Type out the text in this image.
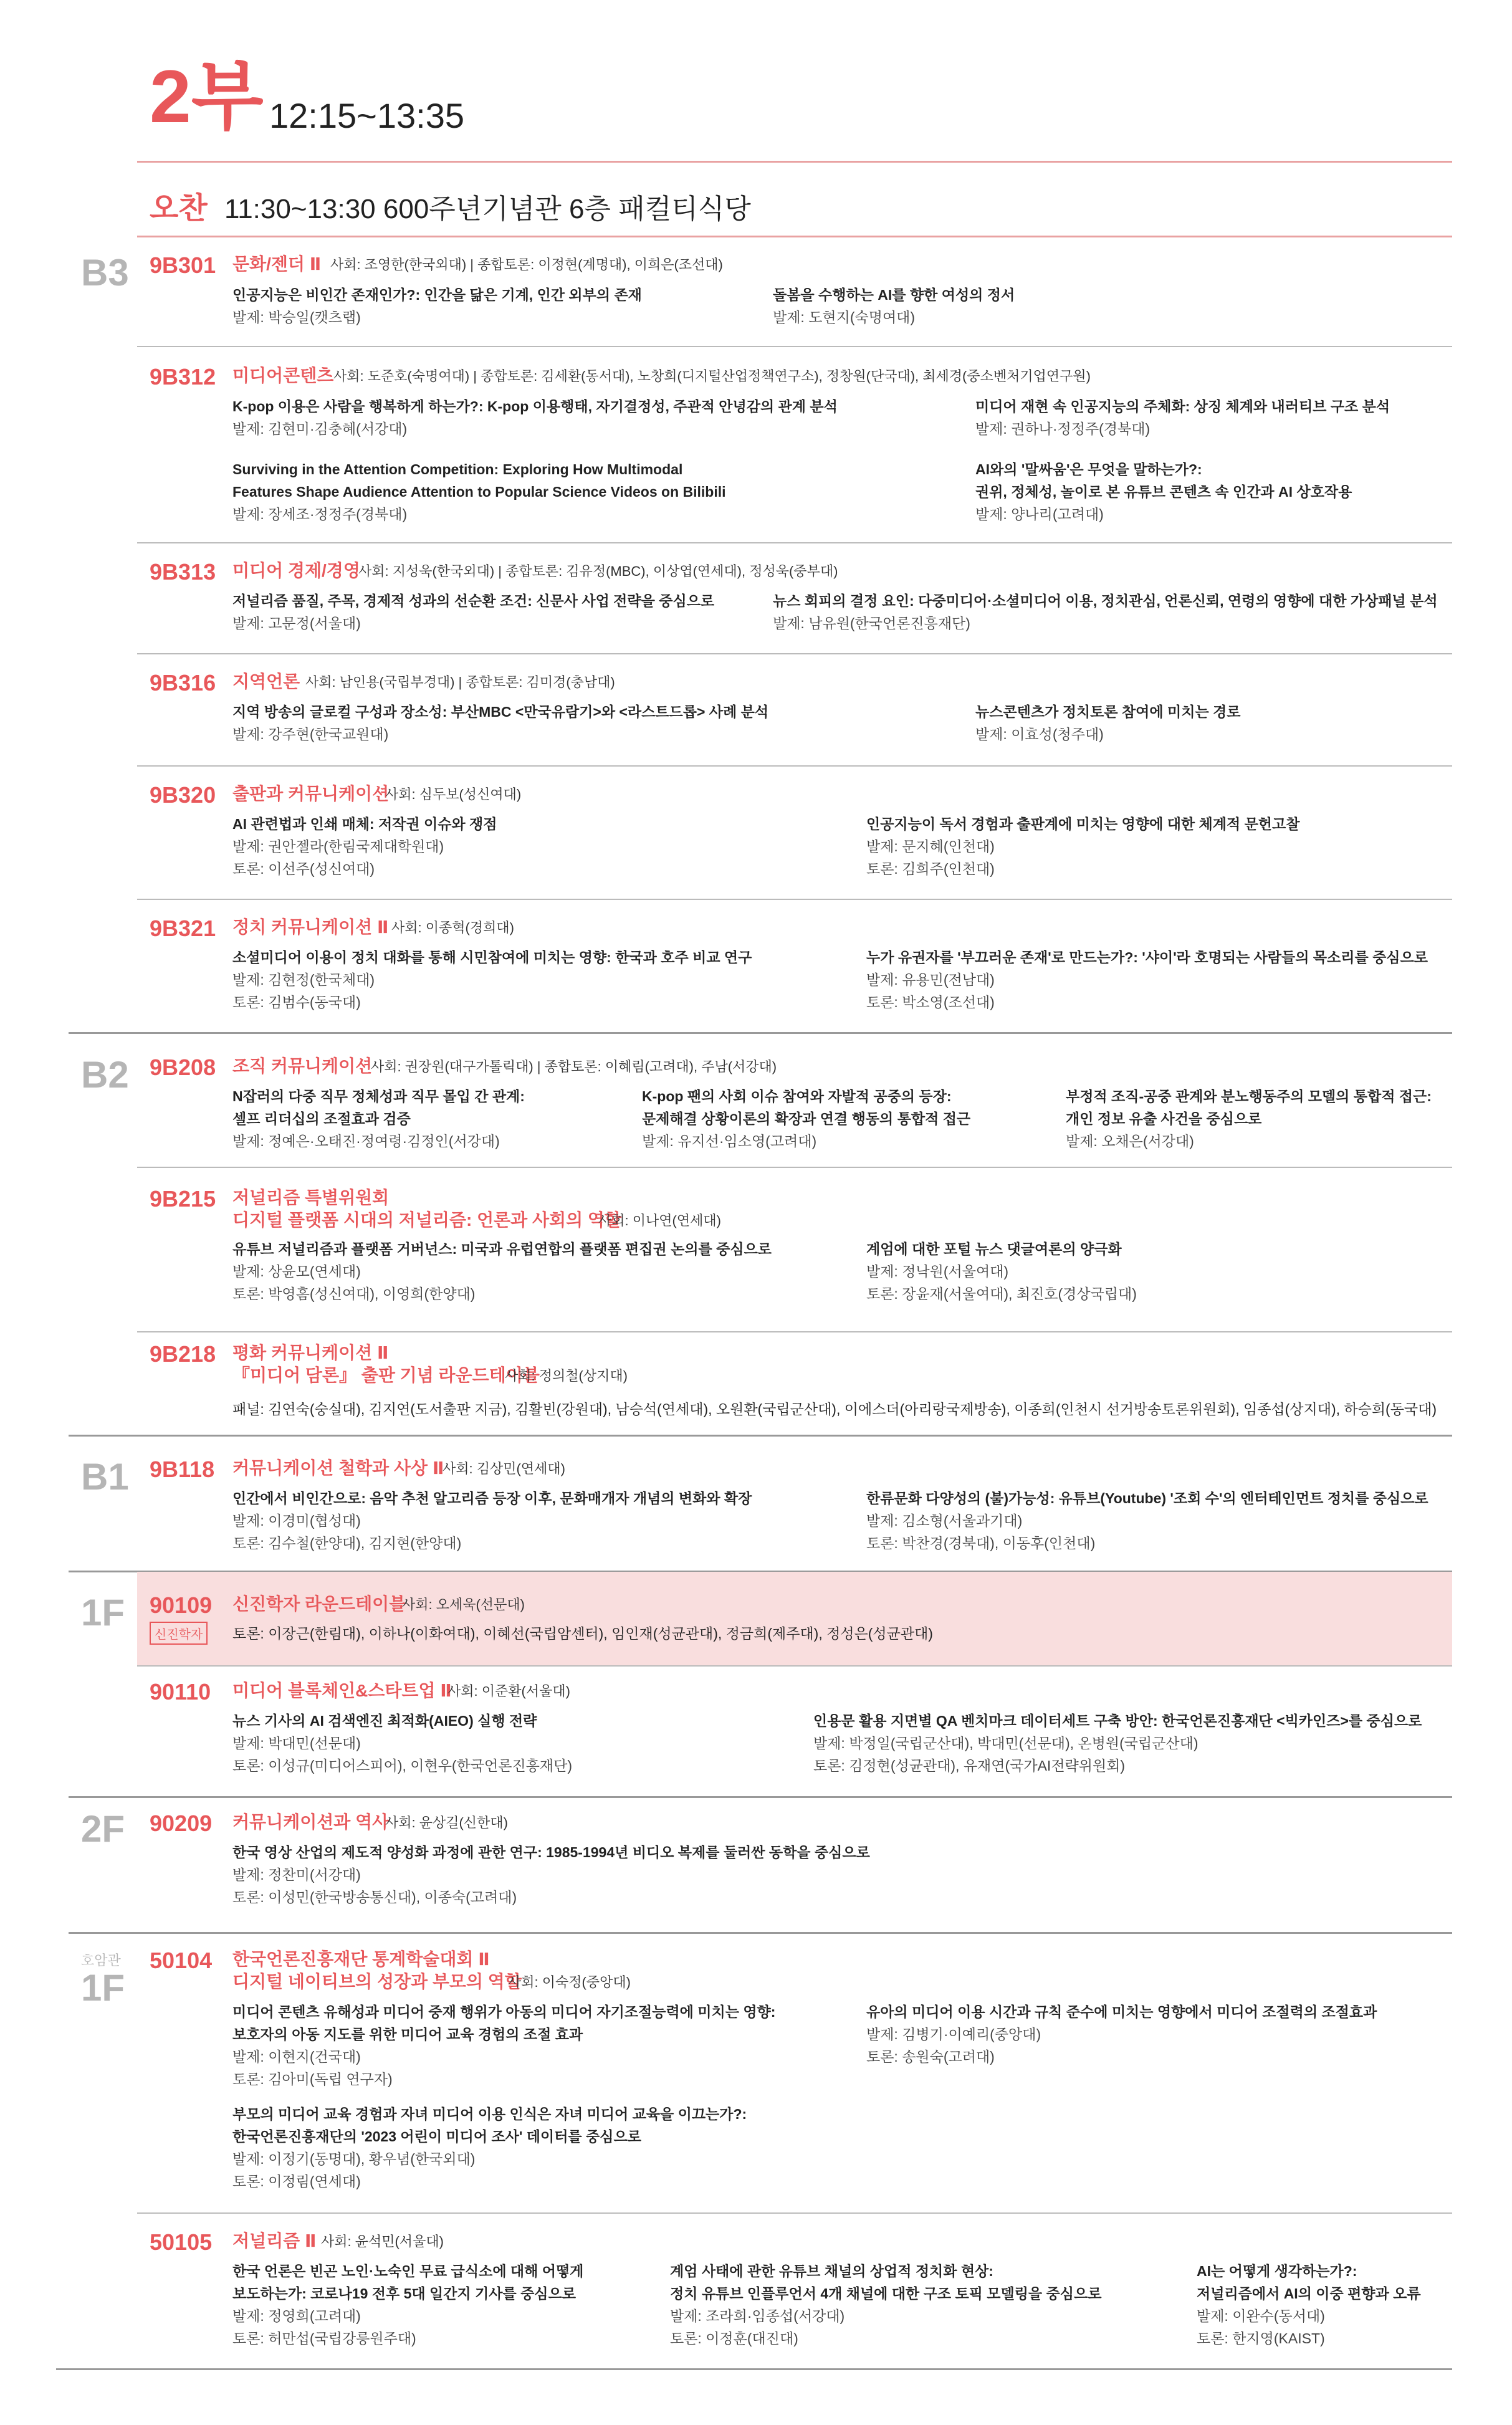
2부 12:15~13:35
오찬 11:30~13:30 600주년기념관 6층 패컬티식당
B3
B2
B1
1F
2F
호암관
1F
9B301 문화/젠더 Ⅱ 사회: 조영한(한국외대) | 종합토론: 이정현(계명대), 이희은(조선대)
인공지능은 비인간 존재인가?: 인간을 닮은 기계, 인간 외부의 존재
발제: 박승일(캣츠랩)
돌봄을 수행하는 AI를 향한 여성의 정서
발제: 도현지(숙명여대)
9B312 미디어콘텐츠 사회: 도준호(숙명여대) | 종합토론: 김세환(동서대), 노창희(디지털산업정책연구소), 정창원(단국대), 최세경(중소벤처기업연구원)
K-pop 이용은 사람을 행복하게 하는가?: K-pop 이용행태, 자기결정성, 주관적 안녕감의 관계 분석
발제: 김현미·김충혜(서강대)
미디어 재현 속 인공지능의 주체화: 상징 체계와 내러티브 구조 분석
발제: 권하나·정정주(경북대)
Surviving in the Attention Competition: Exploring How Multimodal
Features Shape Audience Attention to Popular Science Videos on Bilibili
발제: 장세조·정정주(경북대)
AI와의 '말싸움'은 무엇을 말하는가?:
권위, 정체성, 놀이로 본 유튜브 콘텐츠 속 인간과 AI 상호작용
발제: 양나리(고려대)
9B313 미디어 경제/경영
사회: 지성욱(한국외대) | 종합토론: 김유정(MBC), 이상엽(연세대), 정성욱(중부대)
저널리즘 품질, 주목, 경제적 성과의 선순환 조건: 신문사 사업 전략을 중심으로
발제: 고문정(서울대)
뉴스 회피의 결정 요인: 다중미디어·소셜미디어 이용, 정치관심, 언론신뢰, 연령의 영향에 대한 가상패널 분석
발제: 남유원(한국언론진흥재단)
9B316 지역언론 사회: 남인용(국립부경대) | 종합토론: 김미경(충남대)
지역 방송의 글로컬 구성과 장소성: 부산MBC <만국유람기>와 <라스트드롭> 사례 분석
발제: 강주현(한국교원대)
뉴스콘텐츠가 정치토론 참여에 미치는 경로
발제: 이효성(청주대)
9B320 출판과 커뮤니케이션
사회: 심두보(성신여대)
AI 관련법과 인쇄 매체: 저작권 이슈와 쟁점
발제: 권안젤라(한림국제대학원대)
토론: 이선주(성신여대)
인공지능이 독서 경험과 출판계에 미치는 영향에 대한 체계적 문헌고찰
발제: 문지혜(인천대)
토론: 김희주(인천대)
9B321 정치 커뮤니케이션 Ⅱ 사회: 이종혁(경희대)
소셜미디어 이용이 정치 대화를 통해 시민참여에 미치는 영향: 한국과 호주 비교 연구
발제: 김현정(한국체대)
토론: 김범수(동국대)
누가 유권자를 '부끄러운 존재'로 만드는가?: '샤이'라 호명되는 사람들의 목소리를 중심으로
발제: 유용민(전남대)
토론: 박소영(조선대)
9B208 조직 커뮤니케이션
사회: 권장원(대구가톨릭대) | 종합토론: 이혜림(고려대), 주남(서강대)
N잡러의 다중 직무 정체성과 직무 몰입 간 관계:
셀프 리더십의 조절효과 검증
발제: 정예은·오태진·정여령·김정인(서강대)
K-pop 팬의 사회 이슈 참여와 자발적 공중의 등장:
문제해결 상황이론의 확장과 연결 행동의 통합적 접근
발제: 유지선·임소영(고려대)
부정적 조직-공중 관계와 분노행동주의 모델의 통합적 접근:
개인 정보 유출 사건을 중심으로
발제: 오채은(서강대)
9B215 저널리즘 특별위원회
디지털 플랫폼 시대의 저널리즘: 언론과 사회의 역할
사회: 이나연(연세대)
유튜브 저널리즘과 플랫폼 거버넌스: 미국과 유럽연합의 플랫폼 편집권 논의를 중심으로
발제: 상윤모(연세대)
토론: 박영흠(성신여대), 이영희(한양대)
계엄에 대한 포털 뉴스 댓글여론의 양극화
발제: 정낙원(서울여대)
토론: 장윤재(서울여대), 최진호(경상국립대)
9B218 평화 커뮤니케이션 Ⅱ
『미디어 담론』 출판 기념 라운드테이블
사회: 정의철(상지대)
패널: 김연숙(숭실대), 김지연(도서출판 지금), 김활빈(강원대), 남승석(연세대), 오원환(국립군산대), 이에스더(아리랑국제방송), 이종희(인천시 선거방송토론위원회), 임종섭(상지대), 하승희(동국대)
9B118 커뮤니케이션 철학과 사상 Ⅱ
사회: 김상민(연세대)
인간에서 비인간으로: 음악 추천 알고리즘 등장 이후, 문화매개자 개념의 변화와 확장
발제: 이경미(협성대)
토론: 김수철(한양대), 김지현(한양대)
한류문화 다양성의 (불)가능성: 유튜브(Youtube) '조회 수'의 엔터테인먼트 정치를 중심으로
발제: 김소형(서울과기대)
토론: 박찬경(경북대), 이동후(인천대)
90109
신진학자
신진학자 라운드테이블
사회: 오세욱(선문대)
토론: 이장근(한림대), 이하나(이화여대), 이혜선(국립암센터), 임인재(성균관대), 정금희(제주대), 정성은(성균관대)
90110 미디어 블록체인&스타트업 Ⅱ
사회: 이준환(서울대)
뉴스 기사의 AI 검색엔진 최적화(AIEO) 실행 전략
발제: 박대민(선문대)
토론: 이성규(미디어스피어), 이현우(한국언론진흥재단)
인용문 활용 지면별 QA 벤치마크 데이터세트 구축 방안: 한국언론진흥재단 <빅카인즈>를 중심으로
발제: 박정일(국립군산대), 박대민(선문대), 온병원(국립군산대)
토론: 김정현(성균관대), 유재연(국가AI전략위원회)
90209 커뮤니케이션과 역사
사회: 윤상길(신한대)
한국 영상 산업의 제도적 양성화 과정에 관한 연구: 1985-1994년 비디오 복제를 둘러싼 동학을 중심으로
발제: 정찬미(서강대)
토론: 이성민(한국방송통신대), 이종숙(고려대)
50104 한국언론진흥재단 통계학술대회 Ⅱ
디지털 네이티브의 성장과 부모의 역할
사회: 이숙정(중앙대)
미디어 콘텐츠 유해성과 미디어 중재 행위가 아동의 미디어 자기조절능력에 미치는 영향:
보호자의 아동 지도를 위한 미디어 교육 경험의 조절 효과
발제: 이현지(건국대)
토론: 김아미(독립 연구자)
유아의 미디어 이용 시간과 규칙 준수에 미치는 영향에서 미디어 조절력의 조절효과
발제: 김병기·이예리(중앙대)
토론: 송원숙(고려대)
부모의 미디어 교육 경험과 자녀 미디어 이용 인식은 자녀 미디어 교육을 이끄는가?:
한국언론진흥재단의 '2023 어린이 미디어 조사' 데이터를 중심으로
발제: 이정기(동명대), 황우념(한국외대)
토론: 이정림(연세대)
50105 저널리즘 Ⅱ 사회: 윤석민(서울대)
한국 언론은 빈곤 노인·노숙인 무료 급식소에 대해 어떻게
보도하는가: 코로나19 전후 5대 일간지 기사를 중심으로
발제: 정영희(고려대)
토론: 허만섭(국립강릉원주대)
계엄 사태에 관한 유튜브 채널의 상업적 정치화 현상:
정치 유튜브 인플루언서 4개 채널에 대한 구조 토픽 모델링을 중심으로
발제: 조라희·임종섭(서강대)
토론: 이정훈(대진대)
AI는 어떻게 생각하는가?:
저널리즘에서 AI의 이중 편향과 오류
발제: 이완수(동서대)
토론: 한지영(KAIST)
